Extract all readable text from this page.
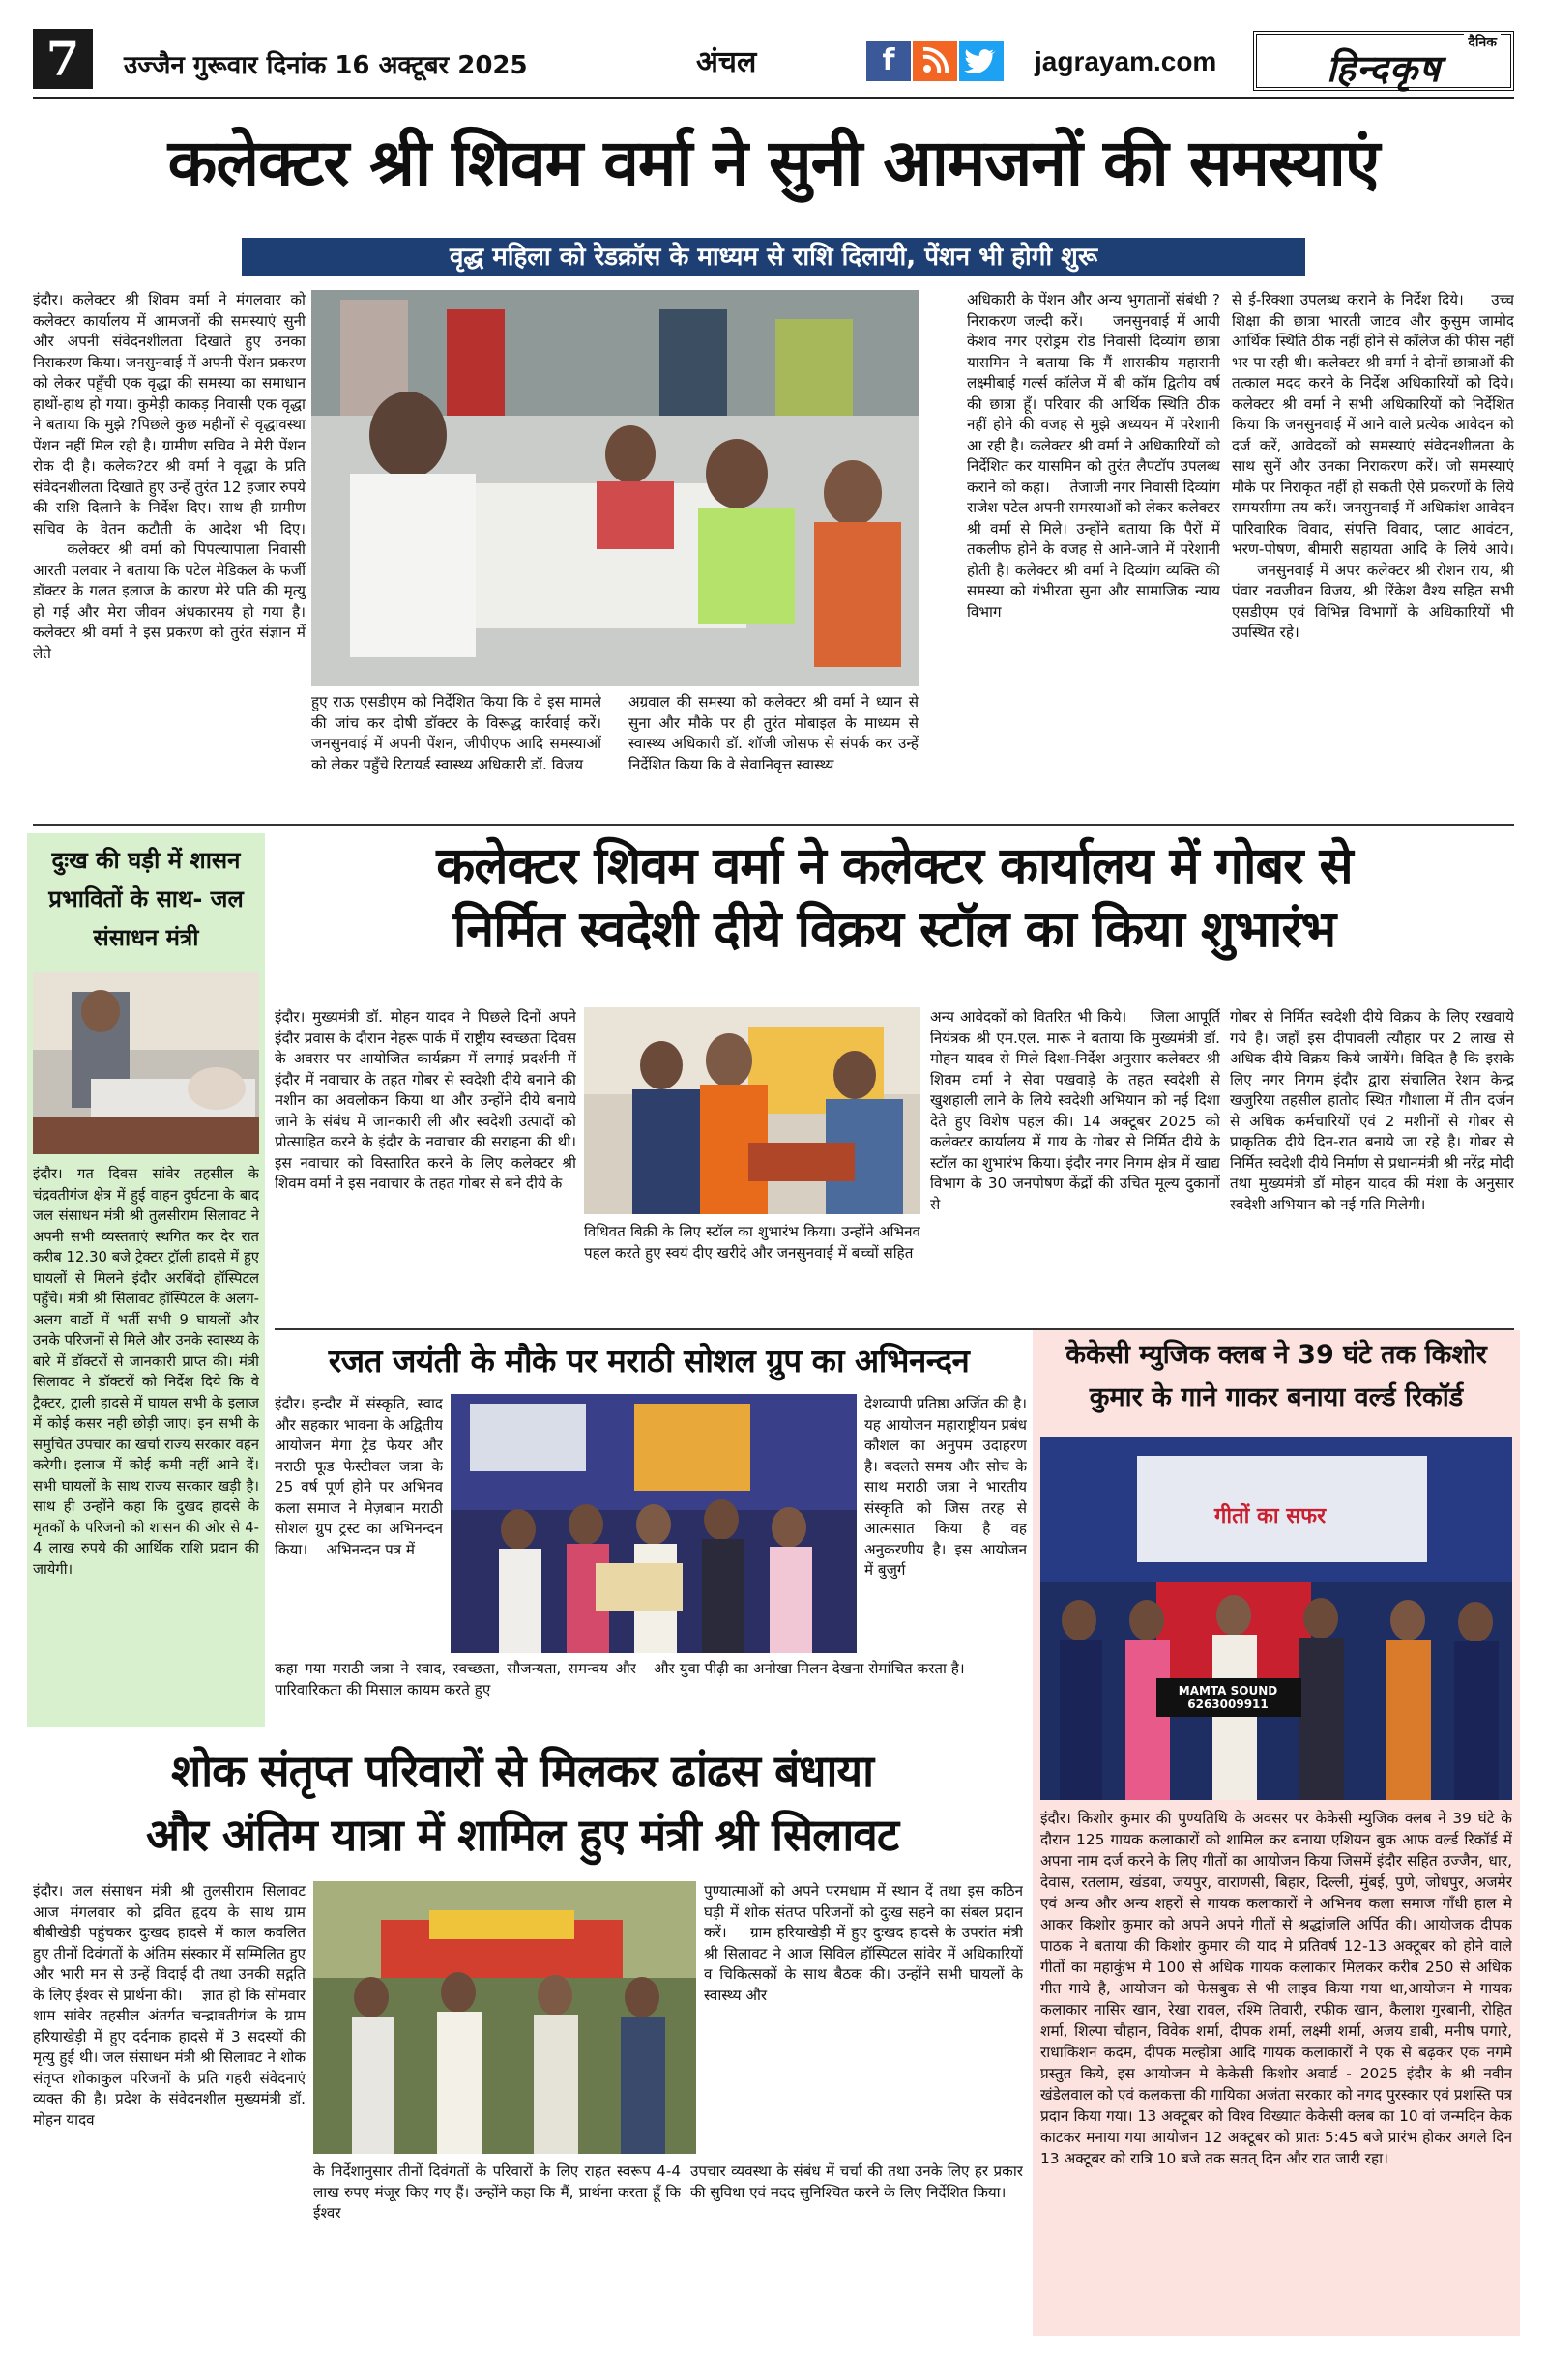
7	उज्जैन गुरूवार दिनांक 16 अक्टूबर 2025	अंचल	f	jagrayam.com
दैनिक
हिन्दकृष
कलेक्टर श्री शिवम वर्मा ने सुनी आमजनों की समस्याएं
वृद्ध महिला को रेडक्रॉस के माध्यम से राशि दिलायी, पेंशन भी होगी शुरू
इंदौर। कलेक्टर श्री शिवम वर्मा ने मंगलवार को कलेक्टर कार्यालय में आमजनों की समस्याएं सुनी और अपनी संवेदनशीलता दिखाते हुए उनका निराकरण किया। जनसुनवाई में अपनी पेंशन प्रकरण को लेकर पहुँची एक वृद्धा की समस्या का समाधान हाथों-हाथ हो गया। कुमेड़ी काकड़ निवासी एक वृद्धा ने बताया कि मुझे ?पिछले कुछ महीनों से वृद्धावस्था पेंशन नहीं मिल रही है। ग्रामीण सचिव ने मेरी पेंशन रोक दी है। कलेक?टर श्री वर्मा ने वृद्धा के प्रति संवेदनशीलता दिखाते हुए उन्हें तुरंत 12 हजार रुपये की राशि दिलाने के निर्देश दिए। साथ ही ग्रामीण सचिव के वेतन कटौती के आदेश भी दिए।    कलेक्टर श्री वर्मा को पिपल्यापाला निवासी आरती पलवार ने बताया कि पटेल मेडिकल के फर्जी डॉक्टर के गलत इलाज के कारण मेरे पति की मृत्यु हो गई और मेरा जीवन अंधकारमय हो गया है। कलेक्टर श्री वर्मा ने इस प्रकरण को तुरंत संज्ञान में लेते
हुए राऊ एसडीएम को निर्देशित किया कि वे इस मामले की जांच कर दोषी डॉक्टर के विरूद्ध कार्रवाई करें। जनसुनवाई में अपनी पेंशन, जीपीएफ आदि समस्याओं को लेकर पहुँचे रिटायर्ड स्वास्थ्य अधिकारी डॉ. विजय
अग्रवाल की समस्या को कलेक्टर श्री वर्मा ने ध्यान से सुना और मौके पर ही तुरंत मोबाइल के माध्यम से स्वास्थ्य अधिकारी डॉ. शॉजी जोसफ से संपर्क कर उन्हें निर्देशित किया कि वे सेवानिवृत्त स्वास्थ्य
अधिकारी के पेंशन और अन्य भुगतानों संबंधी ?निराकरण जल्दी करें।    जनसुनवाई में आयी केशव नगर एरोड्रम रोड निवासी दिव्यांग छात्रा यासमिन ने बताया कि मैं शासकीय महारानी लक्ष्मीबाई गर्ल्स कॉलेज में बी कॉम द्वितीय वर्ष की छात्रा हूँ। परिवार की आर्थिक स्थिति ठीक नहीं होने की वजह से मुझे अध्ययन में परेशानी आ रही है। कलेक्टर श्री वर्मा ने अधिकारियों को निर्देशित कर यासमिन को तुरंत लैपटॉप उपलब्ध कराने को कहा।    तेजाजी नगर निवासी दिव्यांग राजेश पटेल अपनी समस्याओं को लेकर कलेक्टर श्री वर्मा से मिले। उन्होंने बताया कि पैरों में तकलीफ होने के वजह से आने-जाने में परेशानी होती है। कलेक्टर श्री वर्मा ने दिव्यांग व्यक्ति की समस्या को गंभीरता सुना और सामाजिक न्याय विभाग
से ई-रिक्शा उपलब्ध कराने के निर्देश दिये।    उच्च शिक्षा की छात्रा भारती जाटव और कुसुम जामोद आर्थिक स्थिति ठीक नहीं होने से कॉलेज की फीस नहीं भर पा रही थी। कलेक्टर श्री वर्मा ने दोनों छात्राओं की तत्काल मदद करने के निर्देश अधिकारियों को दिये। कलेक्टर श्री वर्मा ने सभी अधिकारियों को निर्देशित किया कि जनसुनवाई में आने वाले प्रत्येक आवेदन को दर्ज करें, आवेदकों को समस्याएं संवेदनशीलता के साथ सुनें और उनका निराकरण करें। जो समस्याएं मौके पर निराकृत नहीं हो सकती ऐसे प्रकरणों के लिये समयसीमा तय करें। जनसुनवाई में अधिकांश आवेदन पारिवारिक विवाद, संपत्ति विवाद, प्लाट आवंटन, भरण-पोषण, बीमारी सहायता आदि के लिये आये।    जनसुनवाई में अपर कलेक्टर श्री रोशन राय, श्री पंवार नवजीवन विजय, श्री रिंकेश वैश्य सहित सभी एसडीएम एवं विभिन्न विभागों के अधिकारियों भी उपस्थित रहे।
दुःख की घड़ी में शासन प्रभावितों के साथ- जल संसाधन मंत्री
इंदौर। गत दिवस सांवेर तहसील के चंद्रवतीगंज क्षेत्र में हुई वाहन दुर्घटना के बाद जल संसाधन मंत्री श्री तुलसीराम सिलावट ने अपनी सभी व्यस्तताएं स्थगित कर देर रात करीब 12.30 बजे ट्रेक्टर ट्रॉली हादसे में हुए घायलों से मिलने इंदौर अरबिंदो हॉस्पिटल पहुँचे। मंत्री श्री सिलावट हॉस्पिटल के अलग-अलग वार्डो में भर्ती सभी 9 घायलों और उनके परिजनों से मिले और उनके स्वास्थ्य के बारे में डॉक्टरों से जानकारी प्राप्त की। मंत्री सिलावट ने डॉक्टरों को निर्देश दिये कि वे ट्रैक्टर, ट्राली हादसे में घायल सभी के इलाज में कोई कसर नही छोड़ी जाए। इन सभी के समुचित उपचार का खर्चा राज्य सरकार वहन करेगी। इलाज में कोई कमी नहीं आने दें। सभी घायलों के साथ राज्य सरकार खड़ी है। साथ ही उन्होंने कहा कि दुखद हादसे के मृतकों के परिजनो को शासन की ओर से 4- 4 लाख रुपये की आर्थिक राशि प्रदान की जायेगी।
कलेक्टर शिवम वर्मा ने कलेक्टर कार्यालय में गोबर से
निर्मित स्वदेशी दीये विक्रय स्टॉल का किया शुभारंभ
इंदौर। मुख्यमंत्री डॉ. मोहन यादव ने पिछले दिनों अपने इंदौर प्रवास के दौरान नेहरू पार्क में राष्ट्रीय स्वच्छता दिवस के अवसर पर आयोजित कार्यक्रम में लगाई प्रदर्शनी में इंदौर में नवाचार के तहत गोबर से स्वदेशी दीये बनाने की मशीन का अवलोकन किया था और उन्होंने दीये बनाये जाने के संबंध में जानकारी ली और स्वदेशी उत्पादों को प्रोत्साहित करने के इंदौर के नवाचार की सराहना की थी। इस नवाचार को विस्तारित करने के लिए कलेक्टर श्री शिवम वर्मा ने इस नवाचार के तहत गोबर से बने दीये के
विधिवत बिक्री के लिए स्टॉल का शुभारंभ किया। उन्होंने अभिनव पहल करते हुए स्वयं दीए खरीदे और जनसुनवाई में बच्चों सहित
अन्य आवेदकों को वितरित भी किये।    जिला आपूर्ति नियंत्रक श्री एम.एल. मारू ने बताया कि मुख्यमंत्री डॉ. मोहन यादव से मिले दिशा-निर्देश अनुसार कलेक्टर श्री शिवम वर्मा ने सेवा पखवाड़े के तहत स्वदेशी से खुशहाली लाने के लिये स्वदेशी अभियान को नई दिशा देते हुए विशेष पहल की। 14 अक्टूबर 2025 को कलेक्टर कार्यालय में गाय के गोबर से निर्मित दीये के स्टॉल का शुभारंभ किया। इंदौर नगर निगम क्षेत्र में खाद्य विभाग के 30 जनपोषण केंद्रों की उचित मूल्य दुकानों से
गोबर से निर्मित स्वदेशी दीये विक्रय के लिए रखवाये गये है। जहाँ इस दीपावली त्यौहार पर 2 लाख से अधिक दीये विक्रय किये जायेंगे। विदित है कि इसके लिए नगर निगम इंदौर द्वारा संचालित रेशम केन्द्र खजुरिया तहसील हातोद स्थित गौशाला में तीन दर्जन से अधिक कर्मचारियों एवं 2 मशीनों से गोबर से प्राकृतिक दीये दिन-रात बनाये जा रहे है। गोबर से निर्मित स्वदेशी दीये निर्माण से प्रधानमंत्री श्री नरेंद्र मोदी तथा मुख्यमंत्री डॉ मोहन यादव की मंशा के अनुसार स्वदेशी अभियान को नई गति मिलेगी।
रजत जयंती के मौके पर मराठी सोशल ग्रुप का अभिनन्दन
इंदौर। इन्दौर में संस्कृति, स्वाद और सहकार भावना के अद्वितीय आयोजन मेगा ट्रेड फेयर और मराठी फूड फेस्टीवल जत्रा के 25 वर्ष पूर्ण होने पर अभिनव कला समाज ने मेज़बान मराठी सोशल ग्रुप ट्रस्ट का अभिनन्दन किया।    अभिनन्दन पत्र में
देशव्यापी प्रतिष्ठा अर्जित की है। यह आयोजन महाराष्ट्रीयन प्रबंध कौशल का अनुपम उदाहरण है। बदलते समय और सोच के साथ मराठी जत्रा ने भारतीय संस्कृति को जिस तरह से आत्मसात किया है वह अनुकरणीय है। इस आयोजन में बुजुर्ग
कहा गया मराठी जत्रा ने स्वाद, स्वच्छता, सौजन्यता, समन्वय और पारिवारिकता की मिसाल कायम करते हुए
और युवा पीढ़ी का अनोखा मिलन देखना रोमांचित करता है।
केकेसी म्युजिक क्लब ने 39 घंटे तक किशोर कुमार के गाने गाकर बनाया वर्ल्ड रिकॉर्ड
गीतों का सफर
MAMTA SOUND 6263009911
इंदौर। किशोर कुमार की पुण्यतिथि के अवसर पर केकेसी म्युजिक क्लब ने 39 घंटे के दौरान 125 गायक कलाकारों को शामिल कर बनाया एशियन बुक आफ वर्ल्ड रिकॉर्ड में अपना नाम दर्ज करने के लिए गीतों का आयोजन किया जिसमें इंदौर सहित उज्जैन, धार, देवास, रतलाम, खंडवा, जयपुर, वाराणसी, बिहार, दिल्ली, मुंबई, पुणे, जोधपुर, अजमेर एवं अन्य और अन्य शहरों से गायक कलाकारों ने अभिनव कला समाज गाँधी हाल मे आकर किशोर कुमार को अपने अपने गीतों से श्रद्धांजलि अर्पित की। आयोजक दीपक पाठक ने बताया की किशोर कुमार की याद मे प्रतिवर्ष 12-13 अक्टूबर को होने वाले गीतों का महाकुंभ मे 100 से अधिक गायक कलाकार मिलकर करीब 250 से अधिक गीत गाये है, आयोजन को फेसबुक से भी लाइव किया गया था,आयोजन मे गायक कलाकार नासिर खान, रेखा रावल, रश्मि तिवारी, रफीक खान, कैलाश गुरबानी, रोहित शर्मा, शिल्पा चौहान, विवेक शर्मा, दीपक शर्मा, लक्ष्मी शर्मा, अजय डाबी, मनीष पगारे, राधाकिशन कदम, दीपक मल्होत्रा आदि गायक कलाकारों ने एक से बढ़कर एक नगमे प्रस्तुत किये, इस आयोजन मे केकेसी किशोर अवार्ड - 2025 इंदौर के श्री नवीन खंडेलवाल को एवं कलकत्ता की गायिका अजंता सरकार को नगद पुरस्कार एवं प्रशस्ति पत्र प्रदान किया गया। 13 अक्टूबर को विश्व विख्यात केकेसी क्लब का 10 वां जन्मदिन केक काटकर मनाया गया आयोजन 12 अक्टूबर को प्रातः 5:45 बजे प्रारंभ होकर अगले दिन 13 अक्टूबर को रात्रि 10 बजे तक सतत् दिन और रात जारी रहा।
शोक संतृप्त परिवारों से मिलकर ढांढस बंधाया
और अंतिम यात्रा में शामिल हुए मंत्री श्री सिलावट
इंदौर। जल संसाधन मंत्री श्री तुलसीराम सिलावट आज मंगलवार को द्रवित हृदय के साथ ग्राम बीबीखेड़ी पहुंचकर दुःखद हादसे में काल कवलित हुए तीनों दिवंगतों के अंतिम संस्कार में सम्मिलित हुए और भारी मन से उन्हें विदाई दी तथा उनकी सद्गति के लिए ईश्वर से प्रार्थना की।    ज्ञात हो कि सोमवार शाम सांवेर तहसील अंतर्गत चन्द्रावतीगंज के ग्राम हरियाखेड़ी में हुए दर्दनाक हादसे में 3 सदस्यों की मृत्यु हुई थी। जल संसाधन मंत्री श्री सिलावट ने शोक संतृप्त शोकाकुल परिजनों के प्रति गहरी संवेदनाएं व्यक्त की है। प्रदेश के संवेदनशील मुख्यमंत्री डॉ. मोहन यादव
के निर्देशानुसार तीनों दिवंगतों के परिवारों के लिए राहत स्वरूप 4-4 लाख रुपए मंजूर किए गए हैं। उन्होंने कहा कि मैं, प्रार्थना करता हूँ कि ईश्वर
उपचार व्यवस्था के संबंध में चर्चा की तथा उनके लिए हर प्रकार की सुविधा एवं मदद सुनिश्चित करने के लिए निर्देशित किया।
पुण्यात्माओं को अपने परमधाम में स्थान दें तथा इस कठिन घड़ी में शोक संतप्त परिजनों को दुःख सहने का संबल प्रदान करें।    ग्राम हरियाखेड़ी में हुए दुःखद हादसे के उपरांत मंत्री श्री सिलावट ने आज सिविल हॉस्पिटल सांवेर में अधिकारियों व चिकित्सकों के साथ बैठक की। उन्होंने सभी घायलों के स्वास्थ्य और
